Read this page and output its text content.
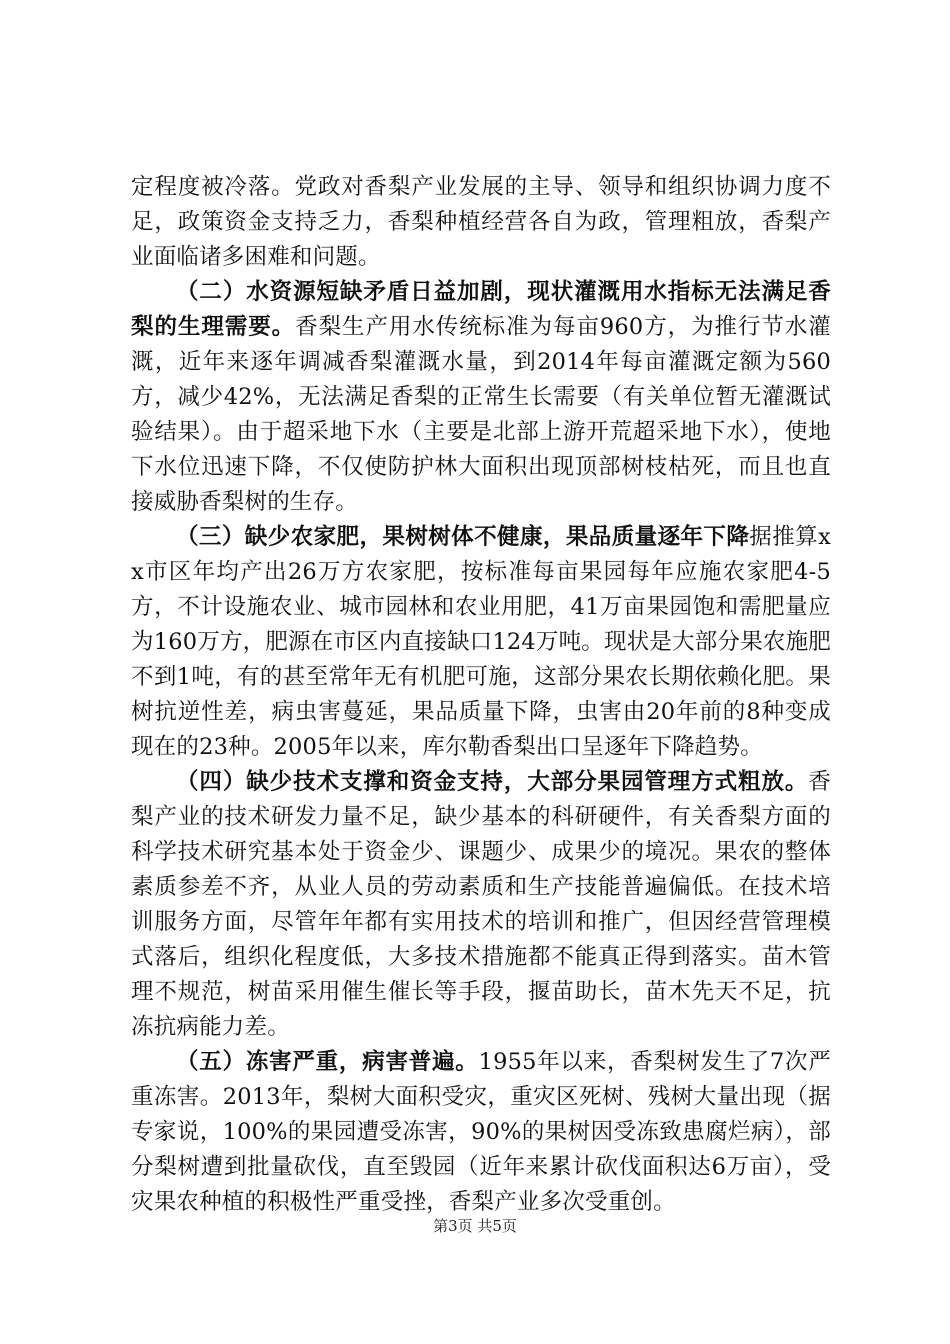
定程度被冷落。党政对香梨产业发展的主导、领导和组织协调力度不足，政策资金支持乏力，香梨种植经营各自为政，管理粗放，香梨产业面临诸多困难和问题。

（二）水资源短缺矛盾日益加剧，现状灌溉用水指标无法满足香梨的生理需要。香梨生产用水传统标准为每亩960方，为推行节水灌溉，近年来逐年调减香梨灌溉水量，到2014年每亩灌溉定额为560方，减少42%，无法满足香梨的正常生长需要（有关单位暂无灌溉试验结果）。由于超采地下水（主要是北部上游开荒超采地下水），使地下水位迅速下降，不仅使防护林大面积出现顶部树枝枯死，而且也直接威胁香梨树的生存。

（三）缺少农家肥，果树树体不健康，果品质量逐年下降据推算xx市区年均产出26万方农家肥，按标准每亩果园每年应施农家肥4-5方，不计设施农业、城市园林和农业用肥，41万亩果园饱和需肥量应为160万方，肥源在市区内直接缺口124万吨。现状是大部分果农施肥不到1吨，有的甚至常年无有机肥可施，这部分果农长期依赖化肥。果树抗逆性差，病虫害蔓延，果品质量下降，虫害由20年前的8种变成现在的23种。2005年以来，库尔勒香梨出口呈逐年下降趋势。

（四）缺少技术支撑和资金支持，大部分果园管理方式粗放。香梨产业的技术研发力量不足，缺少基本的科研硬件，有关香梨方面的科学技术研究基本处于资金少、课题少、成果少的境况。果农的整体素质参差不齐，从业人员的劳动素质和生产技能普遍偏低。在技术培训服务方面，尽管年年都有实用技术的培训和推广，但因经营管理模式落后，组织化程度低，大多技术措施都不能真正得到落实。苗木管理不规范，树苗采用催生催长等手段，揠苗助长，苗木先天不足，抗冻抗病能力差。

（五）冻害严重，病害普遍。1955年以来，香梨树发生了7次严重冻害。2013年，梨树大面积受灾，重灾区死树、残树大量出现（据专家说，100%的果园遭受冻害，90%的果树因受冻致患腐烂病），部分梨树遭到批量砍伐，直至毁园（近年来累计砍伐面积达6万亩），受灾果农种植的积极性严重受挫，香梨产业多次受重创。

第3页 共5页
